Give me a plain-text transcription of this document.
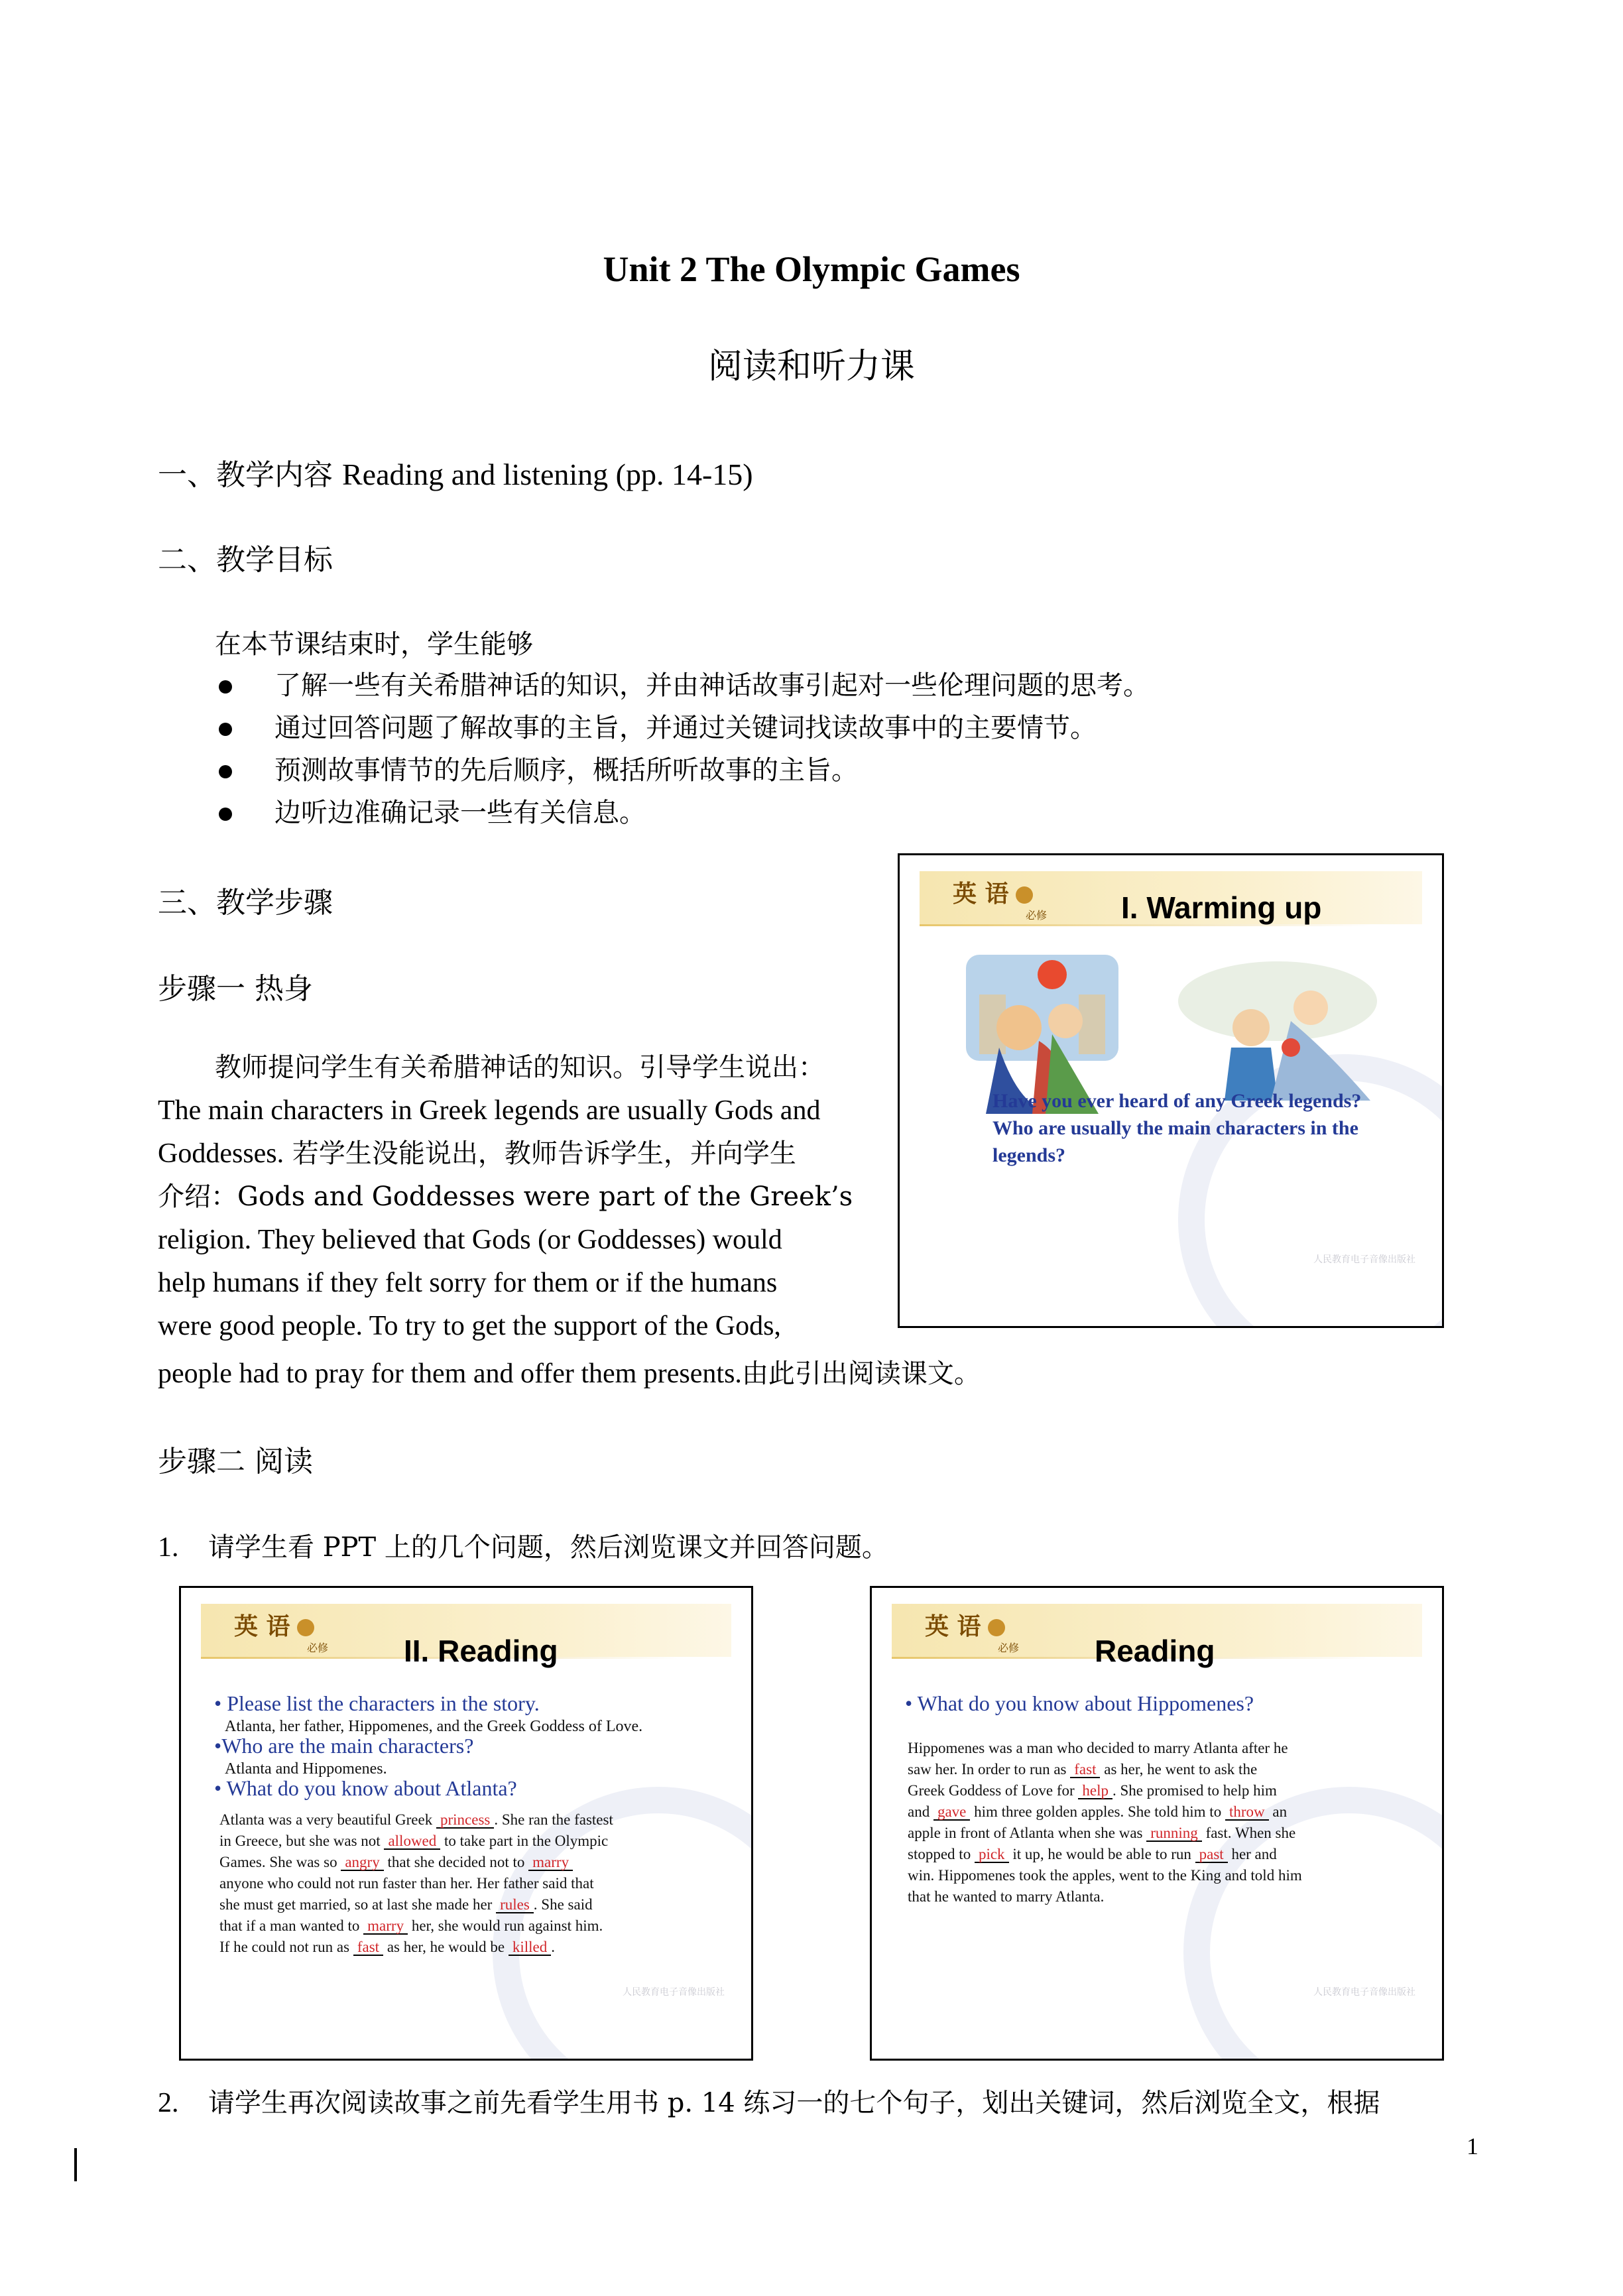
Unit 2 The Olympic Games
阅读和听力课
一、教学内容 Reading and listening (pp. 14-15)
二、教学目标
在本节课结束时，学生能够
了解一些有关希腊神话的知识，并由神话故事引起对一些伦理问题的思考。
通过回答问题了解故事的主旨，并通过关键词找读故事中的主要情节。
预测故事情节的先后顺序，概括所听故事的主旨。
边听边准确记录一些有关信息。
三、教学步骤
步骤一 热身
教师提问学生有关希腊神话的知识。引导学生说出：
The main characters in Greek legends are usually Gods and
Goddesses. 若学生没能说出，教师告诉学生，并向学生
介绍：Gods and Goddesses were part of the Greek’s
religion. They believed that Gods (or Goddesses) would
help humans if they felt sorry for them or if the humans
were good people. To try to get the support of the Gods,
people had to pray for them and offer them presents.由此引出阅读课文。
英 语
必修 I. Warming up
Have you ever heard of any Greek legends? Who are usually the main characters in the legends?
人民教育电子音像出版社
步骤二 阅读
1. 请学生看 PPT 上的几个问题，然后浏览课文并回答问题。
英 语
必修 II. Reading
• Please list the characters in the story.
Atlanta, her father, Hippomenes, and the Greek Goddess of Love.
•Who are the main characters?
Atlanta and Hippomenes.
• What do you know about Atlanta?
Atlanta was a very beautiful Greek princess . She ran the fastest
in Greece, but she was not allowed to take part in the Olympic
Games. She was so angry that she decided not to marry
anyone who could not run faster than her. Her father said that
she must get married, so at last she made her rules . She said
that if a man wanted to marry her, she would run against him.
If he could not run as fast as her, he would be killed .
人民教育电子音像出版社
英 语
必修 Reading
• What do you know about Hippomenes?
Hippomenes was a man who decided to marry Atlanta after he
saw her. In order to run as fast as her, he went to ask the
Greek Goddess of Love for help . She promised to help him
and gave him three golden apples. She told him to throw an
apple in front of Atlanta when she was running fast. When she
stopped to pick it up, he would be able to run past her and
win. Hippomenes took the apples, went to the King and told him
that he wanted to marry Atlanta.
人民教育电子音像出版社
2. 请学生再次阅读故事之前先看学生用书 p. 14 练习一的七个句子，划出关键词，然后浏览全文，根据
1
